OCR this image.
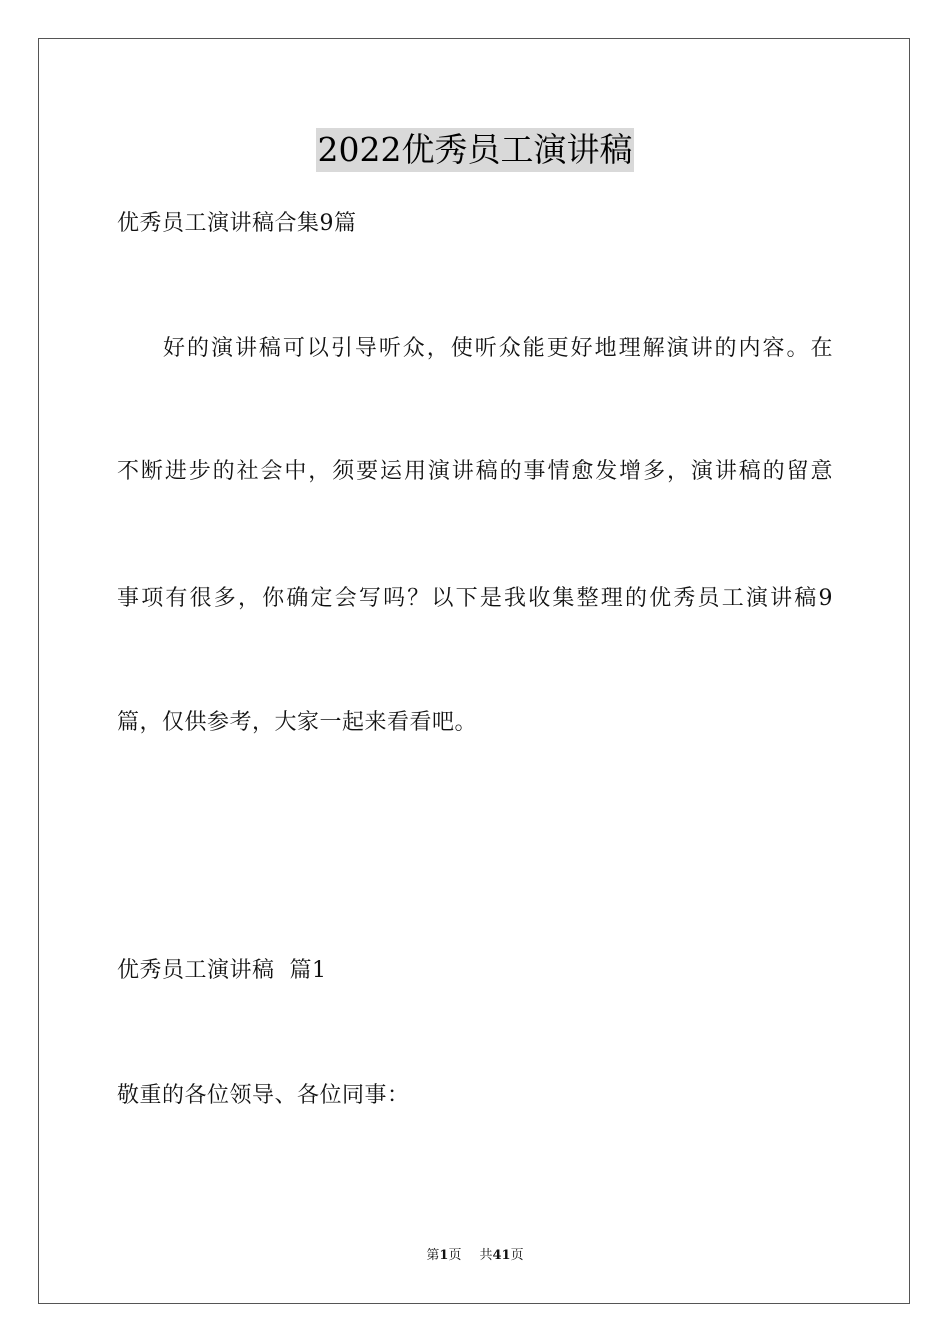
2022优秀员工演讲稿
优秀员工演讲稿合集9篇
好的演讲稿可以引导听众，使听众能更好地理解演讲的内容。在
不断进步的社会中，须要运用演讲稿的事情愈发增多，演讲稿的留意
事项有很多，你确定会写吗？以下是我收集整理的优秀员工演讲稿9
篇，仅供参考，大家一起来看看吧。
优秀员工演讲稿  篇1
敬重的各位领导、各位同事：
第1页 共41页
